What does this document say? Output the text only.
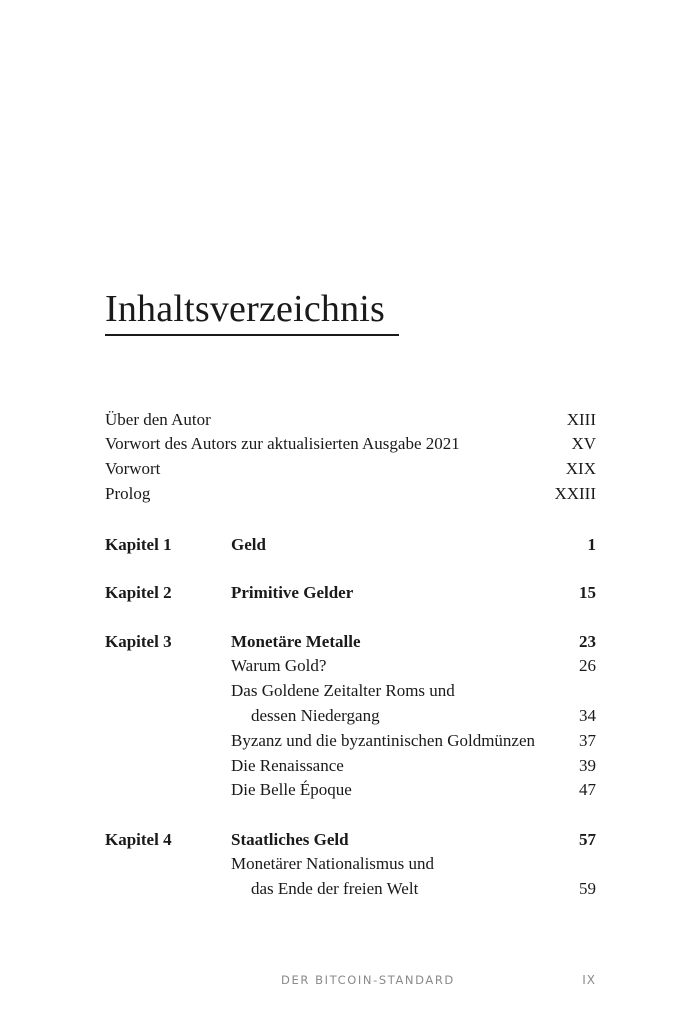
Inhaltsverzeichnis
Über den Autor	XIII
Vorwort des Autors zur aktualisierten Ausgabe 2021	XV
Vorwort	XIX
Prolog	XXIII
Kapitel 1	Geld	1
Kapitel 2	Primitive Gelder	15
Kapitel 3	Monetäre Metalle	23
Warum Gold?	26
Das Goldene Zeitalter Roms und
dessen Niedergang	34
Byzanz und die byzantinischen Goldmünzen	37
Die Renaissance	39
Die Belle Époque	47
Kapitel 4	Staatliches Geld	57
Monetärer Nationalismus und
das Ende der freien Welt	59
DER BITCOIN-STANDARD	IX
